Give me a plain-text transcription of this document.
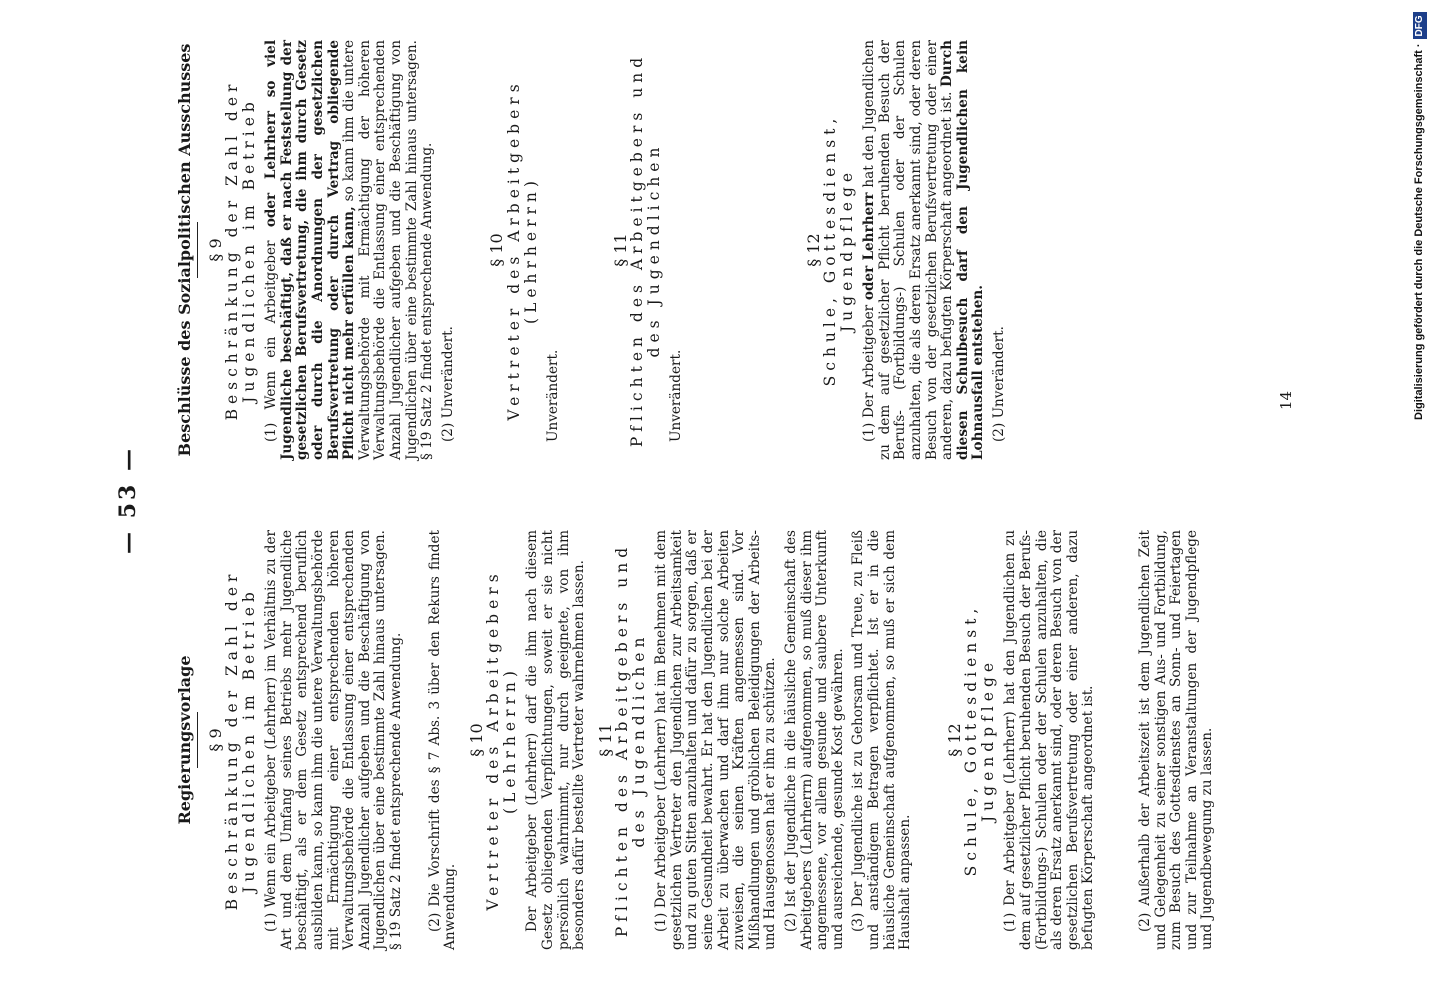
Digitalisierung gefördert durch die Deutsche Forschungsgemeinschaft ·DFG
— 53 —
Regierungsvorlage § 9
Beschränkung der Zahl der Jugendlichen im Betrieb (1) Wenn ein Arbeitgeber (Lehrherr) im Verhältnis zu der Art und dem Umfang seines Betriebs mehr Jugendliche beschäftigt, als er dem Gesetz entsprechend beruflich ausbilden kann, so kann ihm die untere Verwaltungsbehörde mit Ermächtigung einer entsprechenden höheren Verwaltungsbehörde die Entlassung einer entsprechenden Anzahl Jugendlicher aufgeben und die Beschäftigung von Jugendlichen über eine bestimmte Zahl hinaus untersagen. § 19 Satz 2 findet entsprechende Anwendung. (2) Die Vorschrift des § 7 Abs. 3 über den Rekurs findet Anwendung.

§ 10
Vertreter des Arbeitgebers (Lehrherrn) Der Arbeitgeber (Lehrherr) darf die ihm nach diesem Gesetz obliegenden Verpflichtungen, soweit er sie nicht persönlich wahrnimmt, nur durch geeignete, von ihm besonders dafür bestellte Vertreter wahrnehmen lassen. § 11
Pflichten des Arbeitgebers und des Jugendlichen (1) Der Arbeitgeber (Lehrherr) hat im Benehmen mit dem gesetzlichen Vertreter den Jugendlichen zur Arbeitsamkeit und zu guten Sitten anzuhalten und dafür zu sorgen, daß er seine Gesundheit bewahrt. Er hat den Jugendlichen bei der Arbeit zu überwachen und darf ihm nur solche Arbeiten zuweisen, die seinen Kräften angemessen sind. Vor Mißhandlungen und gröblichen Beleidigungen der Arbeits- und Hausgenossen hat er ihn zu schützen. (2) Ist der Jugendliche in die häusliche Gemeinschaft des Arbeitgebers (Lehrherrn) aufgenommen, so muß dieser ihm angemessene, vor allem gesunde und saubere Unterkunft und ausreichende, gesunde Kost gewähren. (3) Der Jugendliche ist zu Gehorsam und Treue, zu Fleiß und anständigem Betragen verpflichtet. Ist er in die häusliche Gemeinschaft aufgenommen, so muß er sich dem Haushalt anpassen.

§ 12
Schule, Gottesdienst, Jugendpflege (1) Der Arbeitgeber (Lehrherr) hat den Jugendlichen zu dem auf gesetzlicher Pflicht beruhenden Besuch der Berufs- (Fortbildungs-) Schulen oder der Schulen anzuhalten, die als deren Ersatz anerkannt sind, oder deren Besuch von der gesetzlichen Berufsvertretung oder einer anderen, dazu befugten Körperschaft angeordnet ist.	(2) Außerhalb der Arbeitszeit ist dem Jugendlichen Zeit und Gelegenheit zu seiner sonstigen Aus- und Fortbildung, zum Besuch des Gottesdienstes an Sonn- und Feiertagen und zur Teilnahme an Veranstaltungen der Jugendpflege und Jugendbewegung zu lassen.

Beschlüsse des Sozialpolitischen Ausschusses § 9
Beschränkung der Zahl der Jugendlichen im Betrieb (1) Wenn ein Arbeitgeber oder Lehrherr so viel Jugendliche beschäftigt, daß er nach Feststellung der gesetzlichen Berufsvertretung, die ihm durch Gesetz oder durch die Anordnungen der gesetzlichen Berufsvertretung oder durch Vertrag obliegende Pflicht nicht mehr erfüllen kann, so kann ihm die untere Verwaltungsbehörde mit Ermächtigung der höheren Verwaltungsbehörde die Entlassung einer entsprechenden Anzahl Jugendlicher aufgeben und die Beschäftigung von Jugendlichen über eine bestimmte Zahl hinaus untersagen. § 19 Satz 2 findet entsprechende Anwendung. (2) Unverändert.

§ 10
Vertreter des Arbeitgebers (Lehrherrn)

Unverändert.

§ 11
Pflichten des Arbeitgebers und des Jugendlichen

Unverändert.

§ 12
Schule, Gottesdienst, Jugendpflege

(1) Der Arbeitgeber oder Lehrherr hat den Jugendlichen zu dem auf gesetzlicher Pflicht beruhenden Besuch der Berufs- (Fortbildungs-) Schulen oder der Schulen anzuhalten, die als deren Ersatz anerkannt sind, oder deren Besuch von der gesetzlichen Berufsvertretung oder einer anderen, dazu befugten Körperschaft angeordnet ist. Durch diesen Schulbesuch darf den Jugendlichen kein Lohnausfall entstehen. (2) Unverändert.	14
